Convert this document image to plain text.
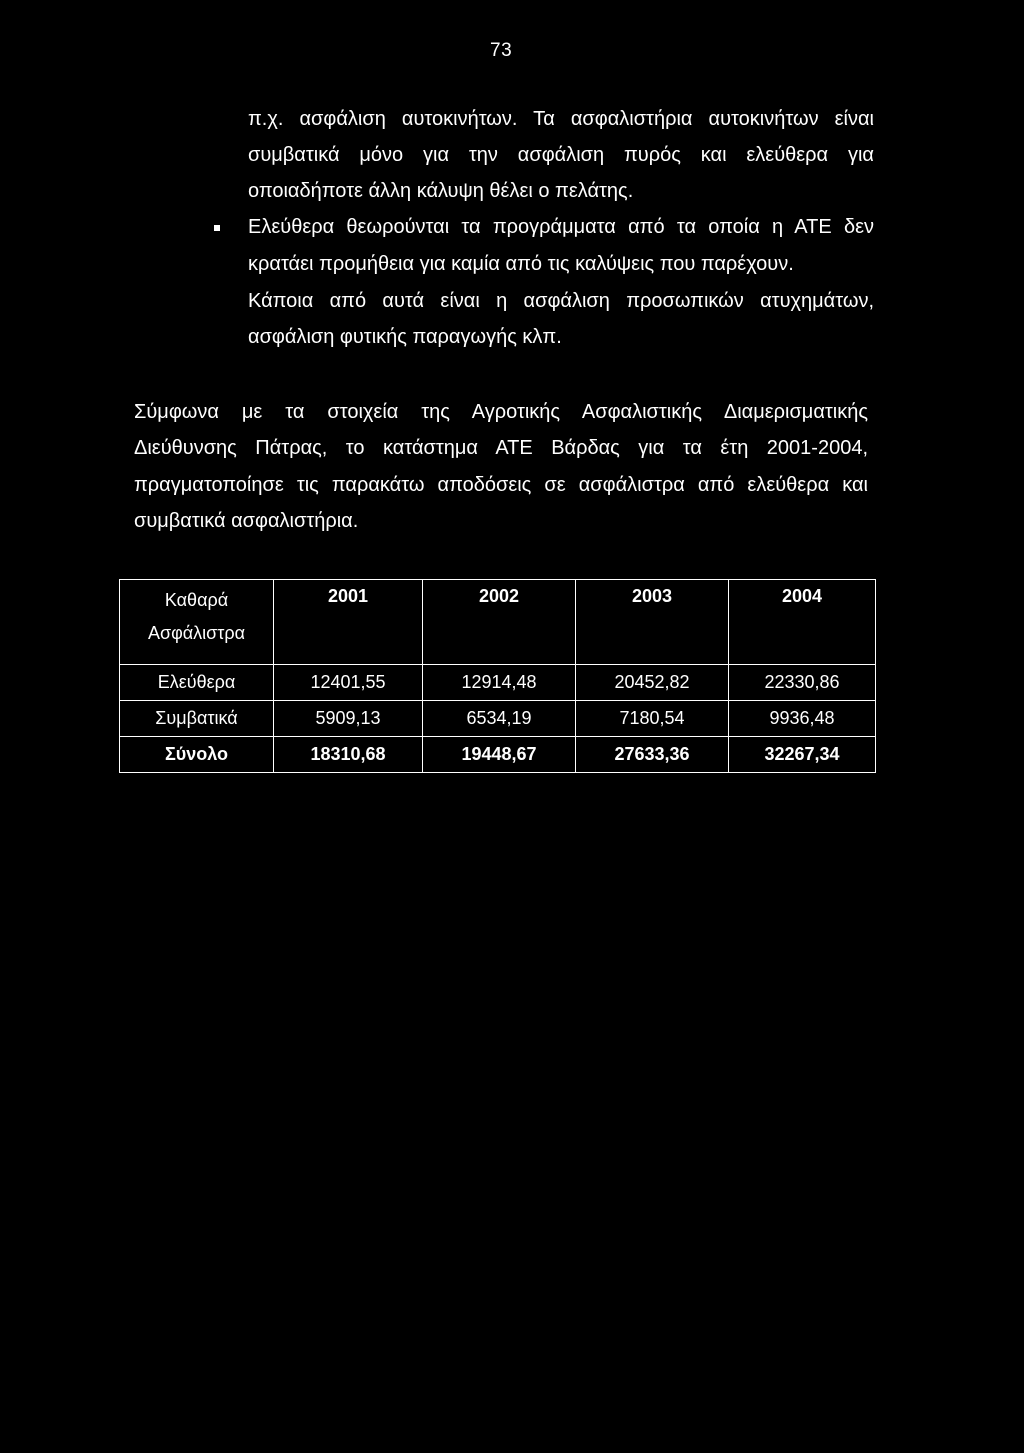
73
π.χ. ασφάλιση αυτοκινήτων. Τα ασφαλιστήρια αυτοκινήτων είναι
συμβατικά μόνο για την ασφάλιση πυρός και ελεύθερα για
οποιαδήποτε άλλη κάλυψη θέλει ο πελάτης.
Ελεύθερα θεωρούνται τα προγράμματα από τα οποία η ΑΤΕ δεν
κρατάει προμήθεια για καμία από τις καλύψεις που παρέχουν.
Κάποια από αυτά είναι η ασφάλιση προσωπικών ατυχημάτων,
ασφάλιση φυτικής παραγωγής κλπ.
Σύμφωνα με τα στοιχεία της Αγροτικής Ασφαλιστικής Διαμερισματικής
Διεύθυνσης Πάτρας, το κατάστημα ΑΤΕ Βάρδας για τα έτη 2001-2004,
πραγματοποίησε τις παρακάτω αποδόσεις σε ασφάλιστρα από ελεύθερα και
συμβατικά ασφαλιστήρια.
Καθαρά
Ασφάλιστρα	2001	2002	2003	2004
Ελεύθερα	12401,55	12914,48	20452,82	22330,86
Συμβατικά	5909,13	6534,19	7180,54	9936,48
Σύνολο	18310,68	19448,67	27633,36	32267,34
